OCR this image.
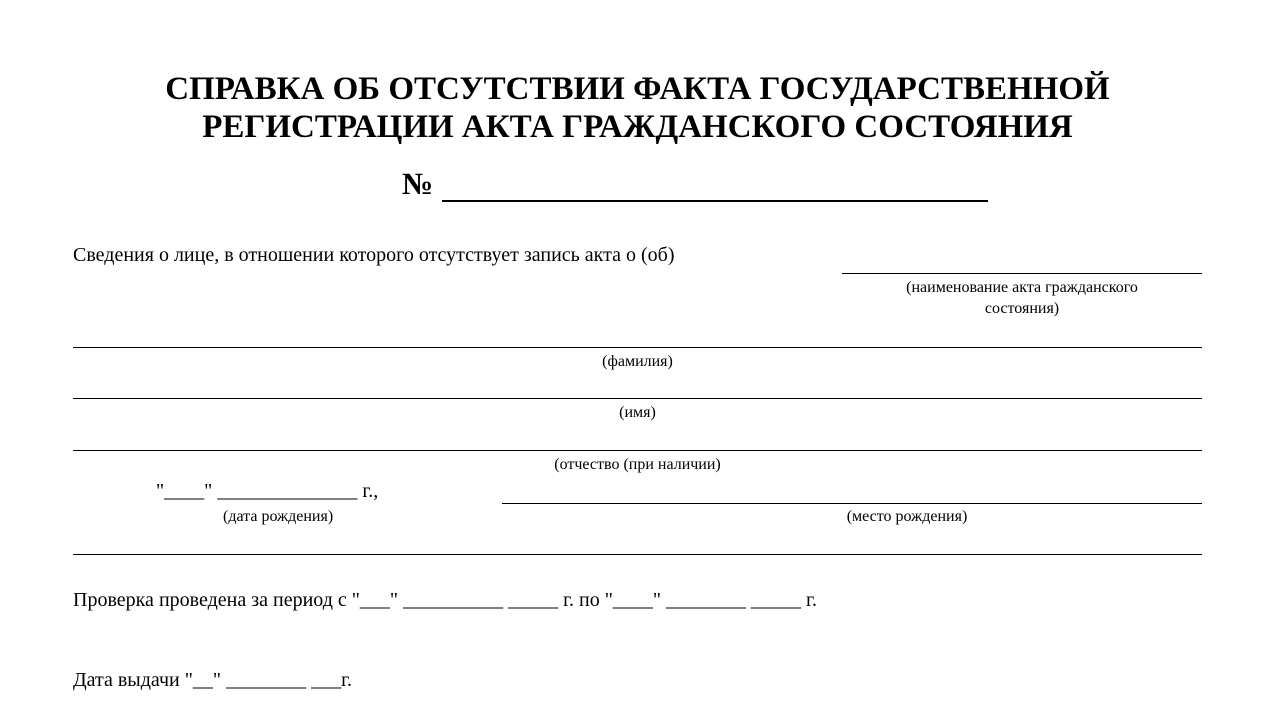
СПРАВКА ОБ ОТСУТСТВИИ ФАКТА ГОСУДАРСТВЕННОЙ
РЕГИСТРАЦИИ АКТА ГРАЖДАНСКОГО СОСТОЯНИЯ
№
Сведения о лице, в отношении которого отсутствует запись акта о (об)
(наименование акта гражданского
состояния)
(фамилия)
(имя)
(отчество (при наличии)
"____" ______________ г.,
(дата рождения)	(место рождения)
Проверка проведена за период с "___" __________ _____ г. по "____" ________ _____ г.
Дата выдачи "__" ________ ___г.
